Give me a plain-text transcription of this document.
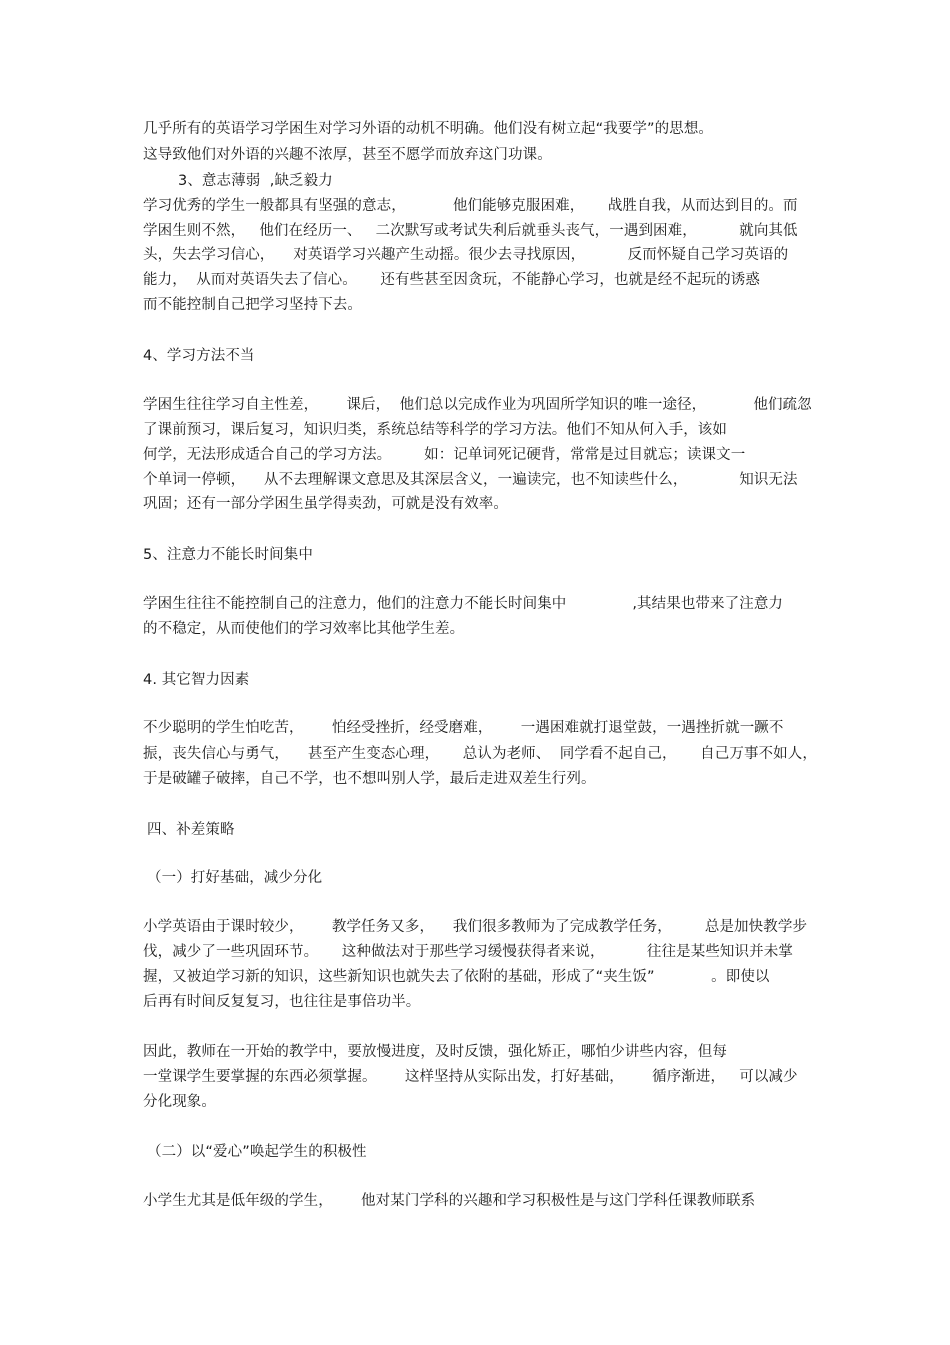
几乎所有的英语学习学困生对学习外语的动机不明确。他们没有树立起“我要学”的思想。
这导致他们对外语的兴趣不浓厚，甚至不愿学而放弃这门功课。
3、意志薄弱  ,缺乏毅力
学习优秀的学生一般都具有坚强的意志，          他们能够克服困难，     战胜自我，从而达到目的。而
学困生则不然，   他们在经历一、   二次默写或考试失利后就垂头丧气，一遇到困难，         就向其低
头，失去学习信心，    对英语学习兴趣产生动摇。很少去寻找原因，         反而怀疑自己学习英语的
能力，  从而对英语失去了信心。     还有些甚至因贪玩，不能静心学习，也就是经不起玩的诱惑
而不能控制自己把学习坚持下去。
4、学习方法不当
学困生往往学习自主性差，      课后，  他们总以完成作业为巩固所学知识的唯一途径，          他们疏忽
了课前预习，课后复习，知识归类，系统总结等科学的学习方法。他们不知从何入手，该如
何学，无法形成适合自己的学习方法。       如：记单词死记硬背，常常是过目就忘；读课文一
个单词一停顿，    从不去理解课文意思及其深层含义，一遍读完，也不知读些什么，           知识无法
巩固；还有一部分学困生虽学得卖劲，可就是没有效率。
5、注意力不能长时间集中
学困生往往不能控制自己的注意力，他们的注意力不能长时间集中              ,其结果也带来了注意力
的不稳定，从而使他们的学习效率比其他学生差。
4. 其它智力因素
不少聪明的学生怕吃苦，      怕经受挫折，经受磨难，      一遇困难就打退堂鼓，一遇挫折就一蹶不
振，丧失信心与勇气，    甚至产生变态心理，     总认为老师、  同学看不起自己，     自己万事不如人，
于是破罐子破摔，自己不学，也不想叫别人学，最后走进双差生行列。
四、补差策略
（一）打好基础，减少分化
小学英语由于课时较少，      教学任务又多，    我们很多教师为了完成教学任务，       总是加快教学步
伐，减少了一些巩固环节。     这种做法对于那些学习缓慢获得者来说，         往往是某些知识并未掌
握，又被迫学习新的知识，这些新知识也就失去了依附的基础，形成了“夹生饭”            。即使以
后再有时间反复复习，也往往是事倍功半。
因此，教师在一开始的教学中，要放慢进度，及时反馈，强化矫正，哪怕少讲些内容，但每
一堂课学生要掌握的东西必须掌握。      这样坚持从实际出发，打好基础，      循序渐进，   可以减少
分化现象。
（二）以“爱心”唤起学生的积极性
小学生尤其是低年级的学生，      他对某门学科的兴趣和学习积极性是与这门学科任课教师联系
